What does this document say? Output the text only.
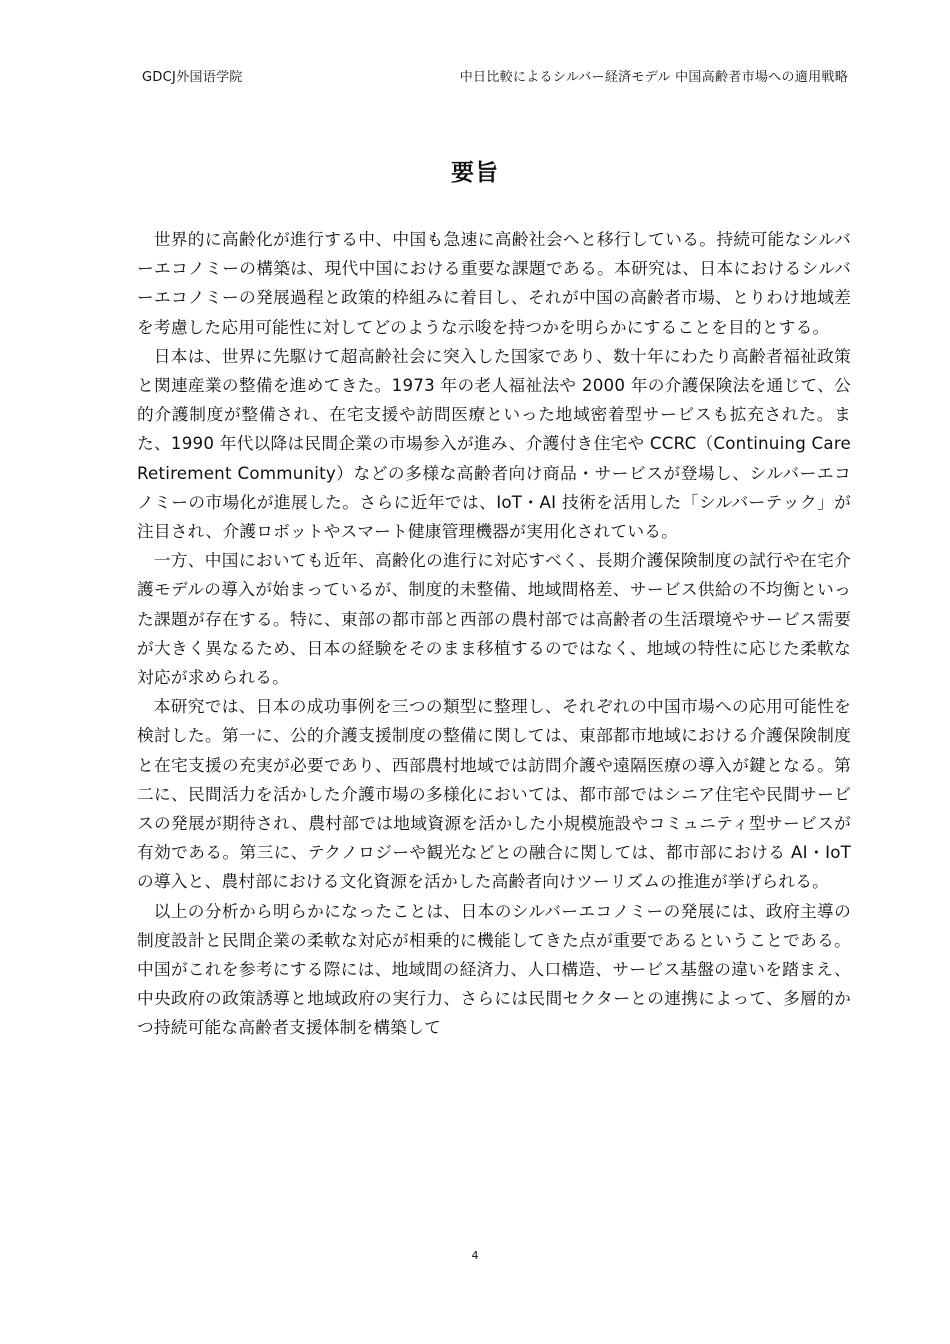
GDCJ外国语学院	中日比較によるシルバー経済モデル 中国高齢者市場への適用戦略
要旨

世界的に高齢化が進行する中、中国も急速に高齢社会へと移行している。持続可能なシルバーエコノミーの構築は、現代中国における重要な課題である。本研究は、日本におけるシルバーエコノミーの発展過程と政策的枠組みに着目し、それが中国の高齢者市場、とりわけ地域差を考慮した応用可能性に対してどのような示唆を持つかを明らかにすることを目的とする。

日本は、世界に先駆けて超高齢社会に突入した国家であり、数十年にわたり高齢者福祉政策と関連産業の整備を進めてきた。1973 年の老人福祉法や 2000 年の介護保険法を通じて、公的介護制度が整備され、在宅支援や訪問医療といった地域密着型サービスも拡充された。また、1990 年代以降は民間企業の市場参入が進み、介護付き住宅や CCRC（Continuing Care Retirement Community）などの多様な高齢者向け商品・サービスが登場し、シルバーエコノミーの市場化が進展した。さらに近年では、IoT・AI 技術を活用した「シルバーテック」が注目され、介護ロボットやスマート健康管理機器が実用化されている。

一方、中国においても近年、高齢化の進行に対応すべく、長期介護保険制度の試行や在宅介護モデルの導入が始まっているが、制度的未整備、地域間格差、サービス供給の不均衡といった課題が存在する。特に、東部の都市部と西部の農村部では高齢者の生活環境やサービス需要が大きく異なるため、日本の経験をそのまま移植するのではなく、地域の特性に応じた柔軟な対応が求められる。

本研究では、日本の成功事例を三つの類型に整理し、それぞれの中国市場への応用可能性を検討した。第一に、公的介護支援制度の整備に関しては、東部都市地域における介護保険制度と在宅支援の充実が必要であり、西部農村地域では訪問介護や遠隔医療の導入が鍵となる。第二に、民間活力を活かした介護市場の多様化においては、都市部ではシニア住宅や民間サービスの発展が期待され、農村部では地域資源を活かした小規模施設やコミュニティ型サービスが有効である。第三に、テクノロジーや観光などとの融合に関しては、都市部における AI・IoT の導入と、農村部における文化資源を活かした高齢者向けツーリズムの推進が挙げられる。

以上の分析から明らかになったことは、日本のシルバーエコノミーの発展には、政府主導の制度設計と民間企業の柔軟な対応が相乗的に機能してきた点が重要であるということである。中国がこれを参考にする際には、地域間の経済力、人口構造、サービス基盤の違いを踏まえ、中央政府の政策誘導と地域政府の実行力、さらには民間セクターとの連携によって、多層的かつ持続可能な高齢者支援体制を構築して

4
